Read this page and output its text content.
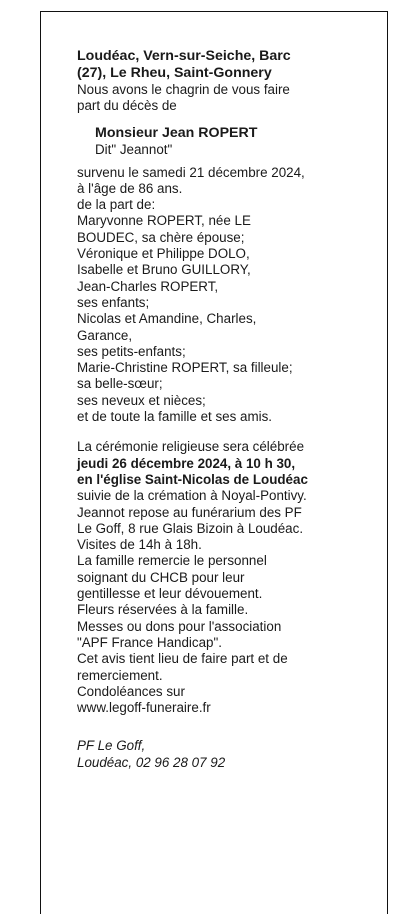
Loudéac, Vern-sur-Seiche, Barc
(27), Le Rheu, Saint-Gonnery

Nous avons le chagrin de vous faire
part du décès de

Monsieur Jean ROPERT
Dit" Jeannot"

survenu le samedi 21 décembre 2024,
à l'âge de 86 ans.
de la part de:
Maryvonne ROPERT, née LE
BOUDEC, sa chère épouse;
Véronique et Philippe DOLO,
Isabelle et Bruno GUILLORY,
Jean-Charles ROPERT,
ses enfants;
Nicolas et Amandine, Charles,
Garance,
ses petits-enfants;
Marie-Christine ROPERT, sa filleule;
sa belle-sœur;
ses neveux et nièces;
et de toute la famille et ses amis.

La cérémonie religieuse sera célébrée

jeudi 26 décembre 2024, à 10 h 30,

en l'église Saint-Nicolas de Loudéac

suivie de la crémation à Noyal-Pontivy.
Jeannot repose au funérarium des PF
Le Goff, 8 rue Glais Bizoin à Loudéac.
Visites de 14h à 18h.
La famille remercie le personnel
soignant du CHCB pour leur
gentillesse et leur dévouement.
Fleurs réservées à la famille.
Messes ou dons pour l'association
"APF France Handicap".
Cet avis tient lieu de faire part et de
remerciement.
Condoléances sur
www.legoff-funeraire.fr

PF Le Goff,
Loudéac, 02 96 28 07 92
